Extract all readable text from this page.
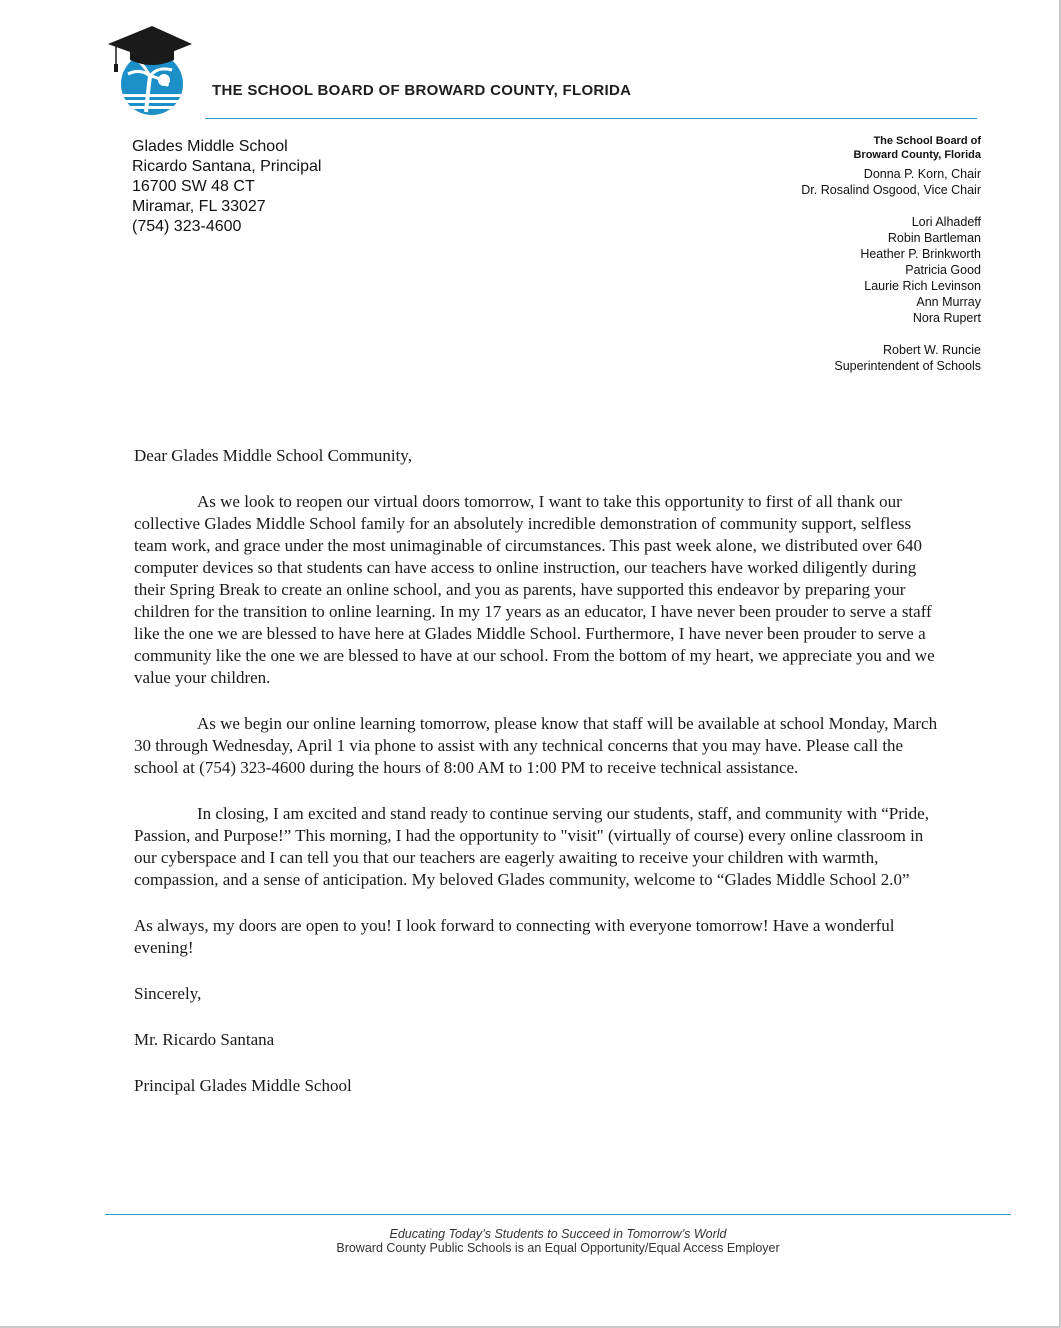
THE SCHOOL BOARD OF BROWARD COUNTY, FLORIDA
Glades Middle School
Ricardo Santana, Principal
16700 SW 48 CT
Miramar, FL 33027
(754) 323-4600
The School Board of
Broward County, Florida
Donna P. Korn, Chair
Dr. Rosalind Osgood, Vice Chair
Lori Alhadeff
Robin Bartleman
Heather P. Brinkworth
Patricia Good
Laurie Rich Levinson
Ann Murray
Nora Rupert
Robert W. Runcie
Superintendent of Schools

Dear Glades Middle School Community,

As we look to reopen our virtual doors tomorrow, I want to take this opportunity to first of all thank our collective Glades Middle School family for an absolutely incredible demonstration of community support, selfless team work, and grace under the most unimaginable of circumstances. This past week alone, we distributed over 640 computer devices so that students can have access to online instruction, our teachers have worked diligently during their Spring Break to create an online school, and you as parents, have supported this endeavor by preparing your children for the transition to online learning. In my 17 years as an educator, I have never been prouder to serve a staff like the one we are blessed to have here at Glades Middle School. Furthermore, I have never been prouder to serve a community like the one we are blessed to have at our school. From the bottom of my heart, we appreciate you and we value your children.

As we begin our online learning tomorrow, please know that staff will be available at school Monday, March 30 through Wednesday, April 1 via phone to assist with any technical concerns that you may have. Please call the school at (754) 323-4600 during the hours of 8:00 AM to 1:00 PM to receive technical assistance.

In closing, I am excited and stand ready to continue serving our students, staff, and community with “Pride, Passion, and Purpose!” This morning, I had the opportunity to "visit" (virtually of course) every online classroom in our cyberspace and I can tell you that our teachers are eagerly awaiting to receive your children with warmth, compassion, and a sense of anticipation. My beloved Glades community, welcome to “Glades Middle School 2.0”

As always, my doors are open to you! I look forward to connecting with everyone tomorrow! Have a wonderful evening!

Sincerely,

Mr. Ricardo Santana

Principal Glades Middle School

Educating Today’s Students to Succeed in Tomorrow’s World
Broward County Public Schools is an Equal Opportunity/Equal Access Employer
